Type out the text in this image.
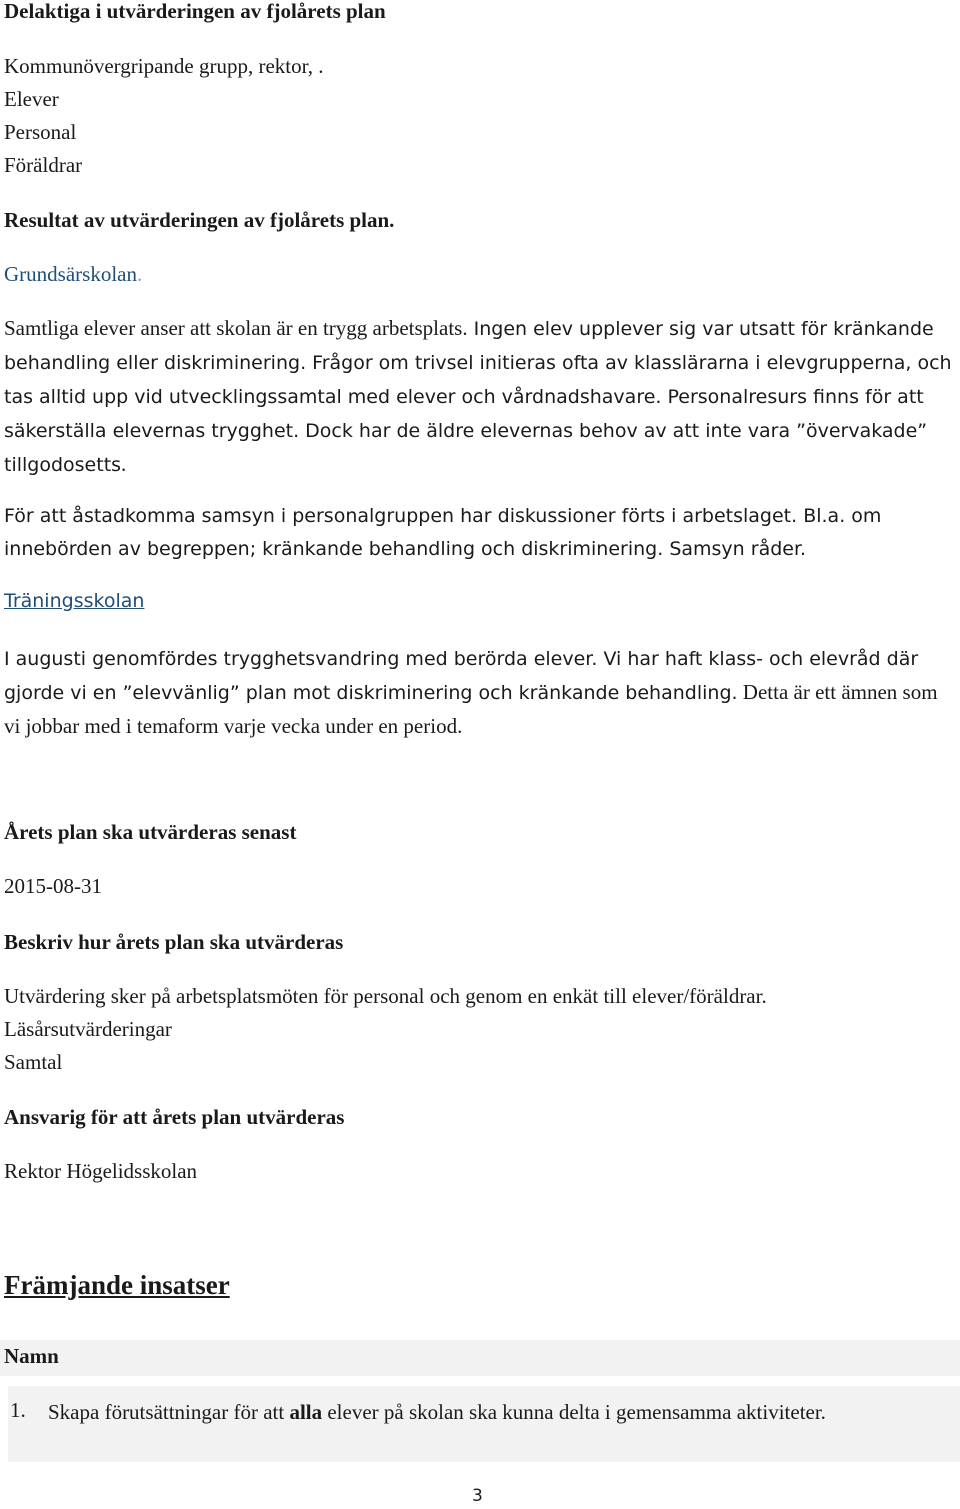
Delaktiga i utvärderingen av fjolårets plan
Kommunövergripande grupp, rektor, .
Elever
Personal
Föräldrar
Resultat av utvärderingen av fjolårets plan.
Grundsärskolan.
Samtliga elever anser att skolan är en trygg arbetsplats. Ingen elev upplever sig var utsatt för kränkande behandling eller diskriminering. Frågor om trivsel initieras ofta av klasslärarna i elevgrupperna, och tas alltid upp vid utvecklingssamtal med elever och vårdnadshavare. Personalresurs finns för att säkerställa elevernas trygghet. Dock har de äldre elevernas behov av att inte vara ”övervakade” tillgodosetts.
För att åstadkomma samsyn i personalgruppen har diskussioner förts i arbetslaget. Bl.a. om innebörden av begreppen; kränkande behandling och diskriminering. Samsyn råder.
Träningsskolan
I augusti genomfördes trygghetsvandring med berörda elever. Vi har haft klass- och elevråd där gjorde vi en ”elevvänlig” plan mot diskriminering och kränkande behandling. Detta är ett ämnen som vi jobbar med i temaform varje vecka under en period.
Årets plan ska utvärderas senast
2015-08-31
Beskriv hur årets plan ska utvärderas
Utvärdering sker på arbetsplatsmöten för personal och genom en enkät till elever/föräldrar.
Läsårsutvärderingar
Samtal
Ansvarig för att årets plan utvärderas
Rektor Högelidsskolan
Främjande insatser
Namn
1. Skapa förutsättningar för att alla elever på skolan ska kunna delta i gemensamma aktiviteter.
3
